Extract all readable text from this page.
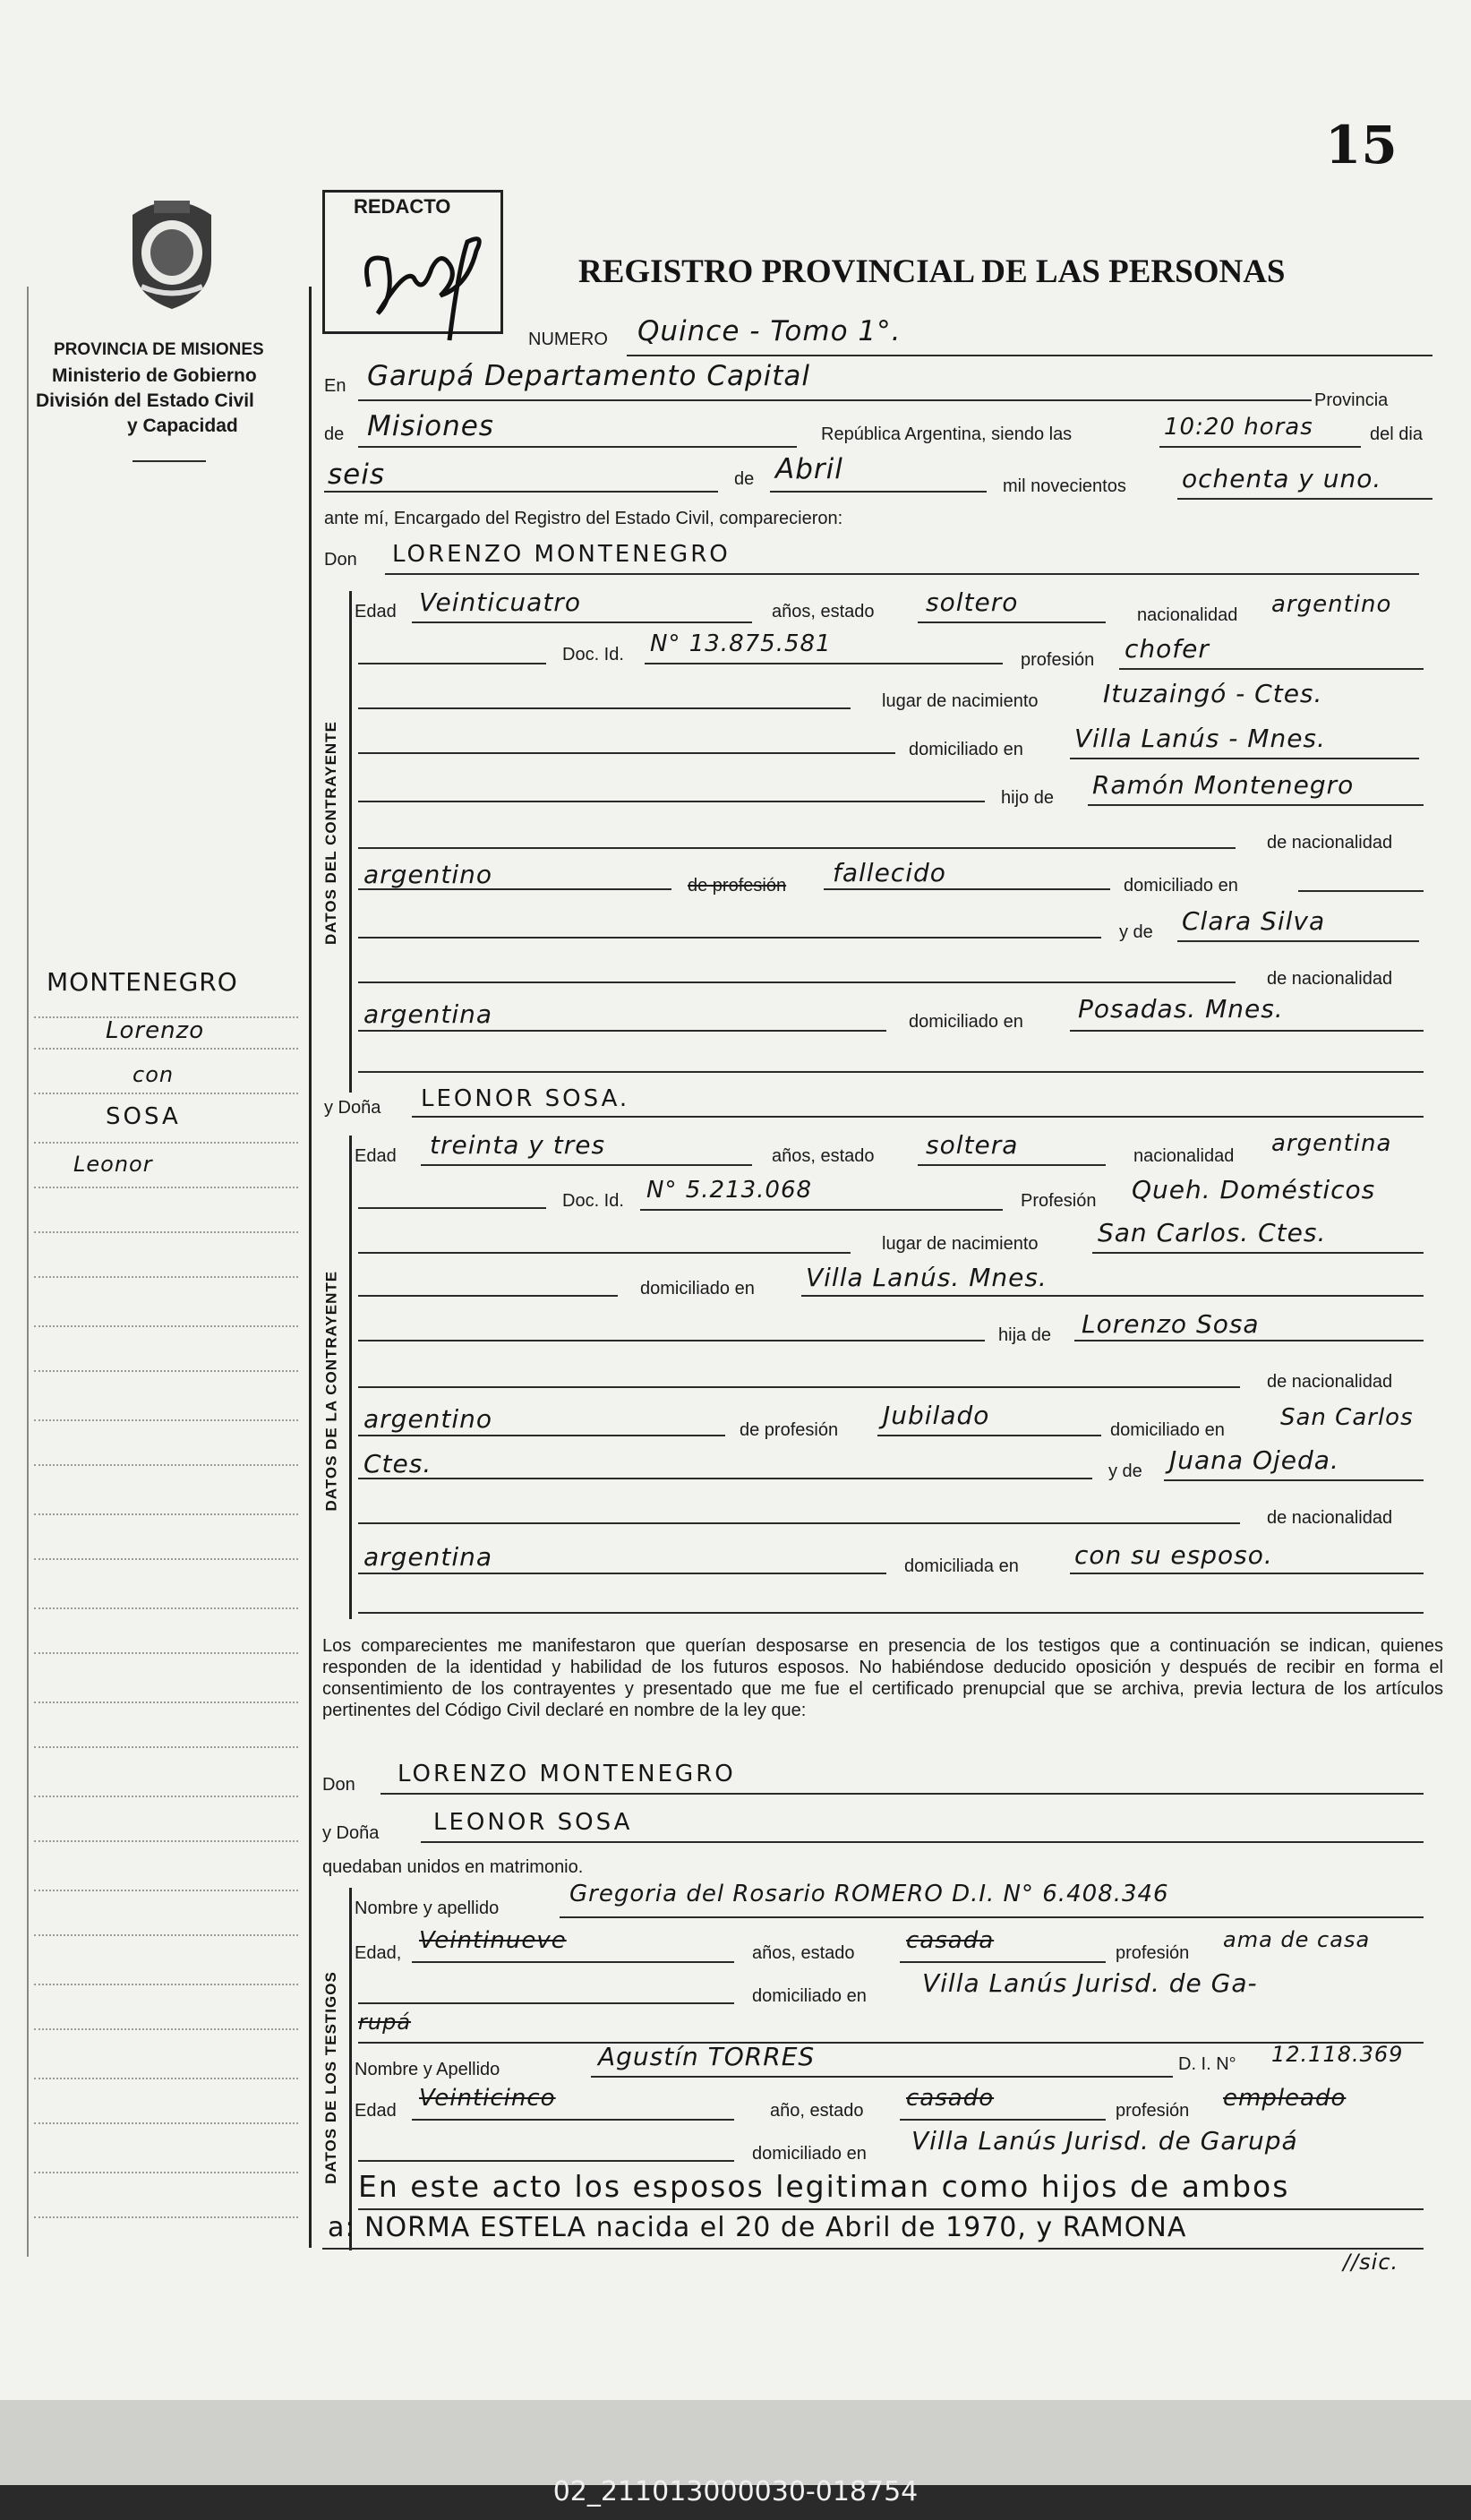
15
PROVINCIA DE MISIONES
Ministerio de Gobierno
División del Estado Civil
y Capacidad
MONTENEGRO
Lorenzo
con
SOSA
Leonor
REDACTO
REGISTRO PROVINCIAL DE LAS PERSONAS
NUMERO Quince - Tomo 1°.
En Garupá Departamento Capital
Provincia
de Misiones	República Argentina, siendo las	10:20 horas	del dia
seis	de Abril
mil novecientos ochenta y uno.
ante mí, Encargado del Registro del Estado Civil, comparecieron:
Don LORENZO MONTENEGRO
DATOS DEL CONTRAYENTE
Edad Veinticuatro	años, estado soltero	nacionalidad argentino
Doc. Id. N° 13.875.581
profesión chofer
lugar de nacimiento	Ituzaingó - Ctes.
domiciliado en Villa Lanús - Mnes.
hijo de Ramón Montenegro
de nacionalidad
argentino	de profesión fallecido	domiciliado en
y de Clara Silva
de nacionalidad
argentina	domiciliado en Posadas. Mnes.
y Doña LEONOR SOSA.
DATOS DE LA CONTRAYENTE
Edad treinta y tres	años, estado soltera	nacionalidad argentina
Doc. Id. N° 5.213.068	Profesión Queh. Domésticos
lugar de nacimiento San Carlos. Ctes.
domiciliado en Villa Lanús. Mnes.
hija de Lorenzo Sosa
de nacionalidad
argentino	de profesión Jubilado	domiciliado en San Carlos
Ctes.	y de Juana Ojeda.
de nacionalidad
argentina	domiciliada en con su esposo.
Los comparecientes me manifestaron que querían desposarse en presencia de los testigos que a continuación se indican, quienes responden de la identidad y habilidad de los futuros esposos. No habiéndose deducido oposición y después de recibir en forma el consentimiento de los contrayentes y presentado que me fue el certificado prenupcial que se archiva, previa lectura de los artículos pertinentes del Código Civil declaré en nombre de la ley que:
Don LORENZO MONTENEGRO
y Doña LEONOR SOSA
quedaban unidos en matrimonio.
DATOS DE LOS TESTIGOS
Nombre y apellido
Gregoria del Rosario ROMERO D.I. N° 6.408.346
Edad, Veintinueve	años, estado casada	profesión
ama de casa
domiciliado en Villa Lanús Jurisd. de Ga-
rupá
Nombre y Apellido	Agustín TORRES	D. I. N° 12.118.369
Edad Veinticinco	año, estado casado	profesión empleado
domiciliado en Villa Lanús Jurisd. de Garupá
En este acto los esposos legitiman como hijos de ambos
a: NORMA ESTELA nacida el 20 de Abril de 1970, y RAMONA
//sic.
02_211013000030-018754
